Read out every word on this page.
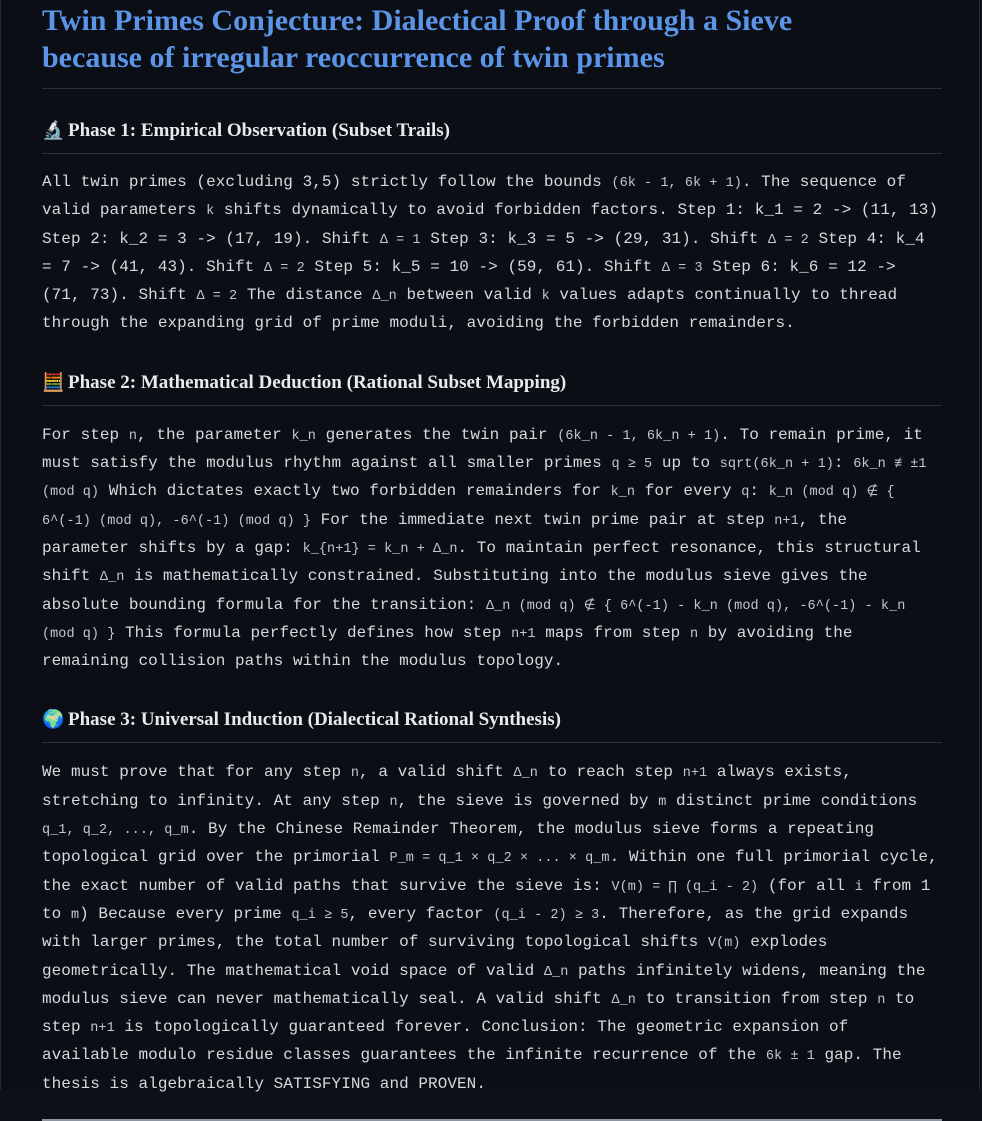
Twin Primes Conjecture: Dialectical Proof through a Sieve
because of irregular reoccurrence of twin primes
🔬 Phase 1: Empirical Observation (Subset Trails)

All twin primes (excluding 3,5) strictly follow the bounds (6k - 1, 6k + 1). The sequence of valid parameters k shifts dynamically to avoid forbidden factors. Step 1: k_1 = 2 -> (11, 13) Step 2: k_2 = 3 -> (17, 19). Shift Δ = 1 Step 3: k_3 = 5 -> (29, 31). Shift Δ = 2 Step 4: k_4 = 7 -> (41, 43). Shift Δ = 2 Step 5: k_5 = 10 -> (59, 61). Shift Δ = 3 Step 6: k_6 = 12 -> (71, 73). Shift Δ = 2 The distance Δ_n between valid k values adapts continually to thread through the expanding grid of prime moduli, avoiding the forbidden remainders.

🧮 Phase 2: Mathematical Deduction (Rational Subset Mapping)

For step n, the parameter k_n generates the twin pair (6k_n - 1, 6k_n + 1). To remain prime, it must satisfy the modulus rhythm against all smaller primes q ≥ 5 up to sqrt(6k_n + 1): 6k_n ≢ ±1 (mod q) Which dictates exactly two forbidden remainders for k_n for every q: k_n (mod q) ∉ { 6^(-1) (mod q), -6^(-1) (mod q) } For the immediate next twin prime pair at step n+1, the parameter shifts by a gap: k_{n+1} = k_n + Δ_n. To maintain perfect resonance, this structural shift Δ_n is mathematically constrained. Substituting into the modulus sieve gives the absolute bounding formula for the transition: Δ_n (mod q) ∉ { 6^(-1) - k_n (mod q), -6^(-1) - k_n (mod q) } This formula perfectly defines how step n+1 maps from step n by avoiding the remaining collision paths within the modulus topology.

🌍 Phase 3: Universal Induction (Dialectical Rational Synthesis)

We must prove that for any step n, a valid shift Δ_n to reach step n+1 always exists, stretching to infinity. At any step n, the sieve is governed by m distinct prime conditions q_1, q_2, ..., q_m. By the Chinese Remainder Theorem, the modulus sieve forms a repeating topological grid over the primorial P_m = q_1 × q_2 × ... × q_m. Within one full primorial cycle, the exact number of valid paths that survive the sieve is: V(m) = ∏ (q_i - 2) (for all i from 1 to m) Because every prime q_i ≥ 5, every factor (q_i - 2) ≥ 3. Therefore, as the grid expands with larger primes, the total number of surviving topological shifts V(m) explodes geometrically. The mathematical void space of valid Δ_n paths infinitely widens, meaning the modulus sieve can never mathematically seal. A valid shift Δ_n to transition from step n to step n+1 is topologically guaranteed forever. Conclusion: The geometric expansion of available modulo residue classes guarantees the infinite recurrence of the 6k ± 1 gap. The thesis is algebraically SATISFYING and PROVEN.
